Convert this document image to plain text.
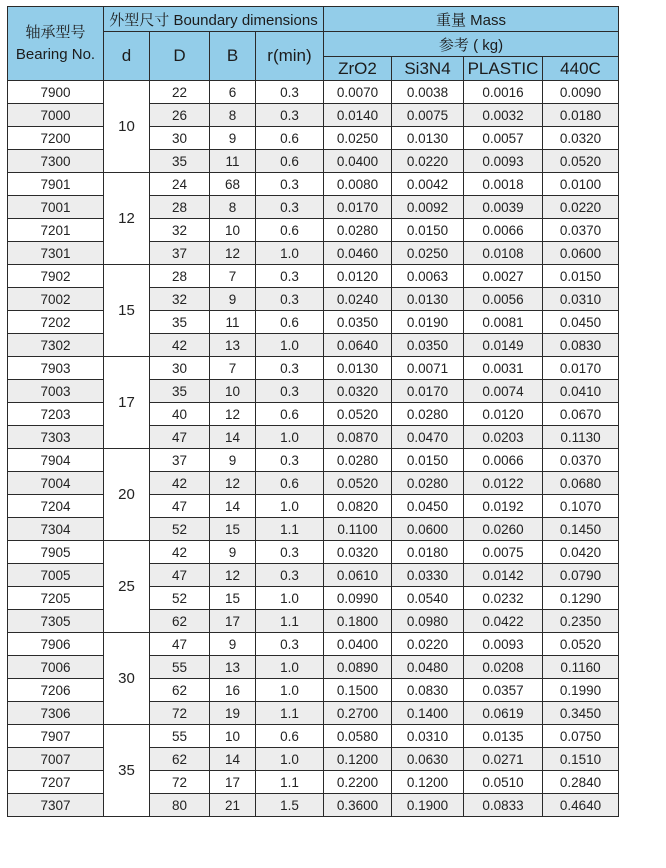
轴承型号
Bearing No.	外型尺寸 Boundary dimensions				重量 Mass			
	d	D	B	r(min)	参考 ( kg)			
					ZrO2	Si3N4	PLASTIC	440C
7900	10	22	6	0.3	0.0070	0.0038	0.0016	0.0090
7000		26	8	0.3	0.0140	0.0075	0.0032	0.0180
7200		30	9	0.6	0.0250	0.0130	0.0057	0.0320
7300		35	11	0.6	0.0400	0.0220	0.0093	0.0520
7901	12	24	68	0.3	0.0080	0.0042	0.0018	0.0100
7001		28	8	0.3	0.0170	0.0092	0.0039	0.0220
7201		32	10	0.6	0.0280	0.0150	0.0066	0.0370
7301		37	12	1.0	0.0460	0.0250	0.0108	0.0600
7902	15	28	7	0.3	0.0120	0.0063	0.0027	0.0150
7002		32	9	0.3	0.0240	0.0130	0.0056	0.0310
7202		35	11	0.6	0.0350	0.0190	0.0081	0.0450
7302		42	13	1.0	0.0640	0.0350	0.0149	0.0830
7903	17	30	7	0.3	0.0130	0.0071	0.0031	0.0170
7003		35	10	0.3	0.0320	0.0170	0.0074	0.0410
7203		40	12	0.6	0.0520	0.0280	0.0120	0.0670
7303		47	14	1.0	0.0870	0.0470	0.0203	0.1130
7904	20	37	9	0.3	0.0280	0.0150	0.0066	0.0370
7004		42	12	0.6	0.0520	0.0280	0.0122	0.0680
7204		47	14	1.0	0.0820	0.0450	0.0192	0.1070
7304		52	15	1.1	0.1100	0.0600	0.0260	0.1450
7905	25	42	9	0.3	0.0320	0.0180	0.0075	0.0420
7005		47	12	0.3	0.0610	0.0330	0.0142	0.0790
7205		52	15	1.0	0.0990	0.0540	0.0232	0.1290
7305		62	17	1.1	0.1800	0.0980	0.0422	0.2350
7906	30	47	9	0.3	0.0400	0.0220	0.0093	0.0520
7006		55	13	1.0	0.0890	0.0480	0.0208	0.1160
7206		62	16	1.0	0.1500	0.0830	0.0357	0.1990
7306		72	19	1.1	0.2700	0.1400	0.0619	0.3450
7907	35	55	10	0.6	0.0580	0.0310	0.0135	0.0750
7007		62	14	1.0	0.1200	0.0630	0.0271	0.1510
7207		72	17	1.1	0.2200	0.1200	0.0510	0.2840
7307		80	21	1.5	0.3600	0.1900	0.0833	0.4640
